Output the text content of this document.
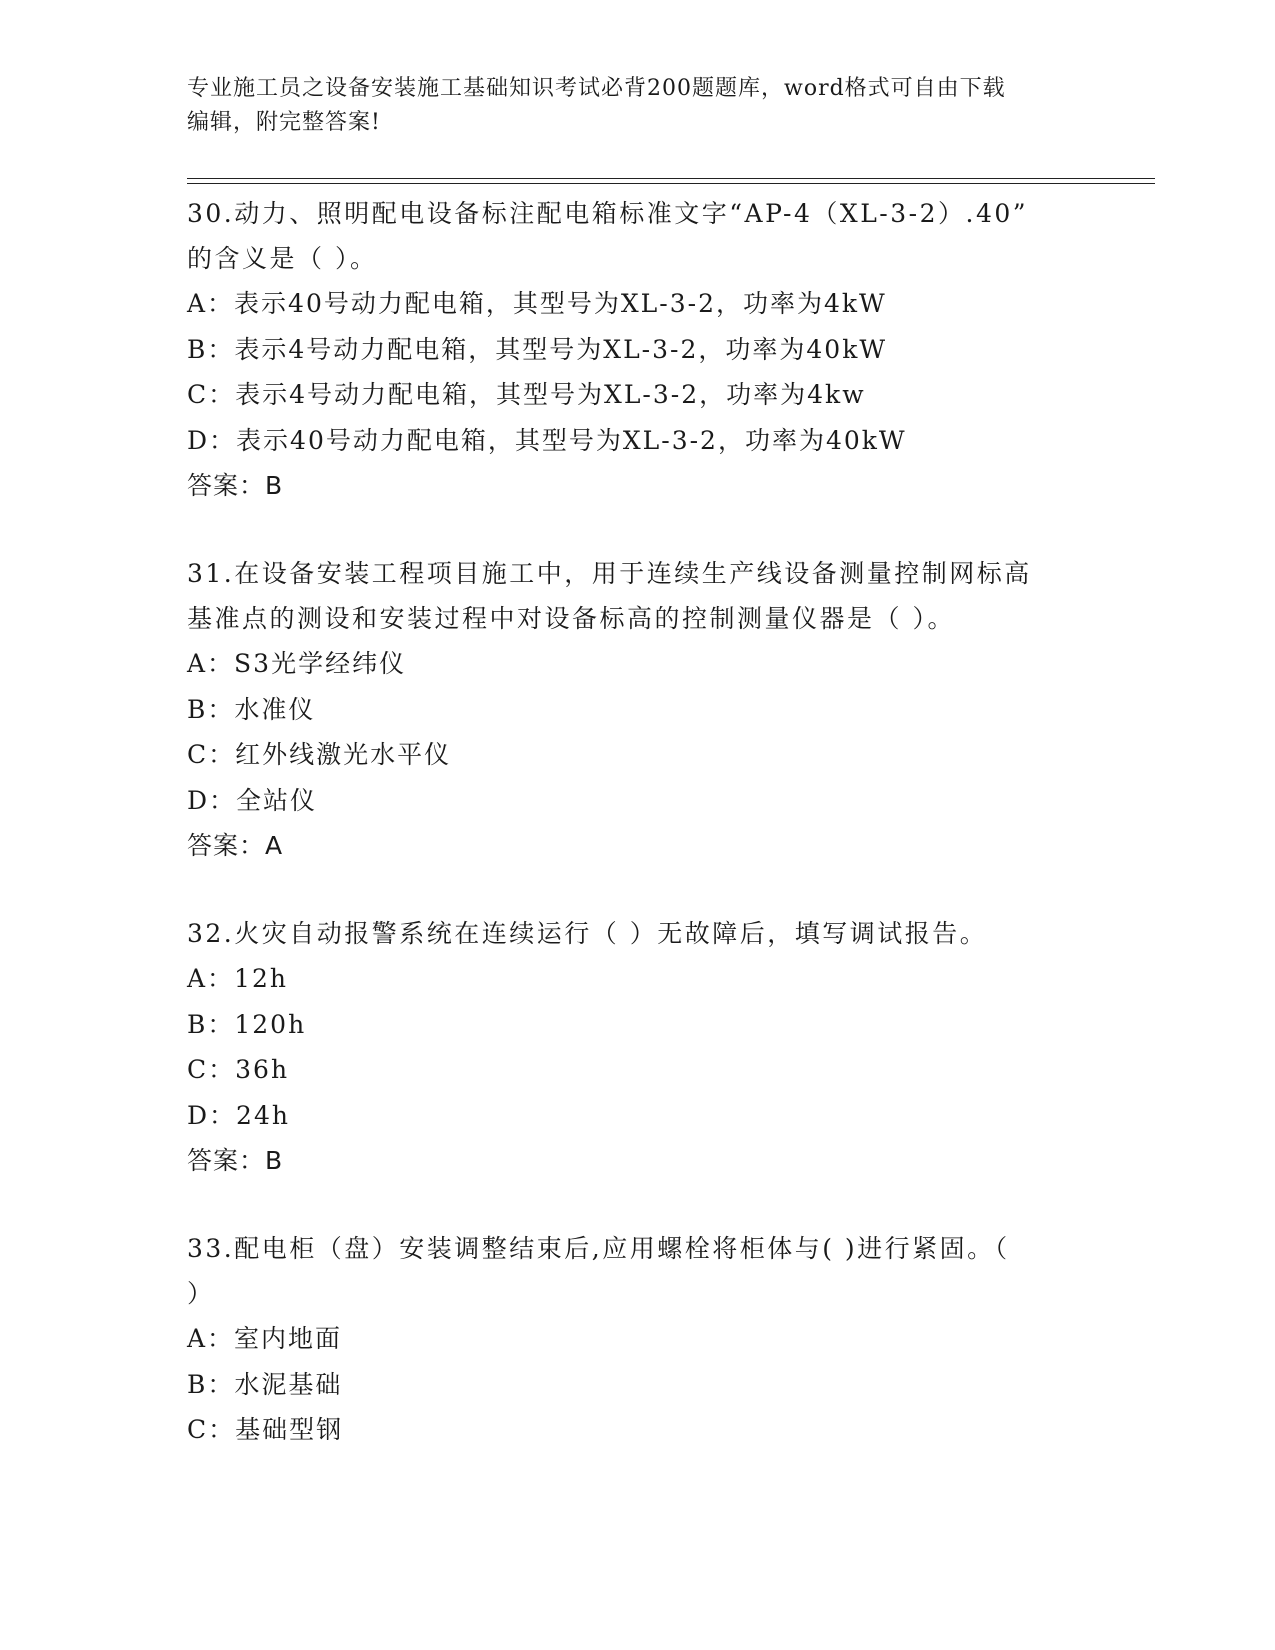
专业施工员之设备安装施工基础知识考试必背200题题库，word格式可自由下载
编辑，附完整答案!
30.动力、照明配电设备标注配电箱标准文字“AP-4（XL-3-2）.40”
的含义是（ ）。
A：表示40号动力配电箱，其型号为XL-3-2，功率为4kW
B：表示4号动力配电箱，其型号为XL-3-2，功率为40kW
C：表示4号动力配电箱，其型号为XL-3-2，功率为4kw
D：表示40号动力配电箱，其型号为XL-3-2，功率为40kW
答案：B
31.在设备安装工程项目施工中，用于连续生产线设备测量控制网标高
基准点的测设和安装过程中对设备标高的控制测量仪器是（ ）。
A：S3光学经纬仪
B：水准仪
C：红外线激光水平仪
D：全站仪
答案：A
32.火灾自动报警系统在连续运行（ ）无故障后，填写调试报告。
A：12h
B：120h
C：36h
D：24h
答案：B
33.配电柜（盘）安装调整结束后,应用螺栓将柜体与( )进行紧固。（
）
A：室内地面
B：水泥基础
C：基础型钢
